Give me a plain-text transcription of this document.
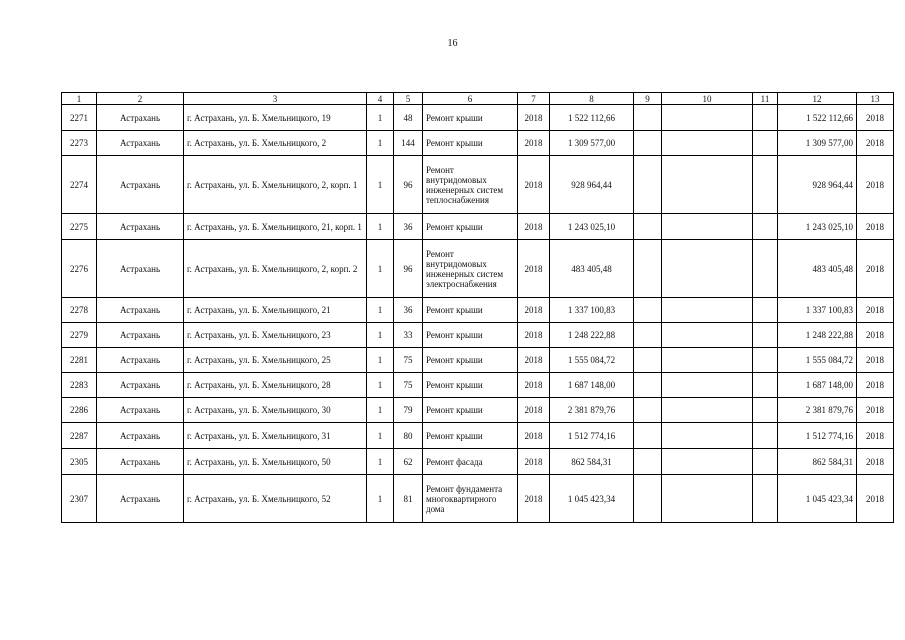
16
1	2	3	4	5	6	7	8	9	10	11	12	13
2271	Астрахань	г. Астрахань, ул. Б. Хмельницкого, 19	1	48	Ремонт крыши	2018	1 522 112,66				1 522 112,66	2018
2273	Астрахань	г. Астрахань, ул. Б. Хмельницкого, 2	1	144	Ремонт крыши	2018	1 309 577,00				1 309 577,00	2018
2274	Астрахань	г. Астрахань, ул. Б. Хмельницкого, 2, корп. 1	1	96	Ремонт внутридомовых инженерных систем теплоснабжения	2018	928 964,44				928 964,44	2018
2275	Астрахань	г. Астрахань, ул. Б. Хмельницкого, 21, корп. 1	1	36	Ремонт крыши	2018	1 243 025,10				1 243 025,10	2018
2276	Астрахань	г. Астрахань, ул. Б. Хмельницкого, 2, корп. 2	1	96	Ремонт внутридомовых инженерных систем электроснабжения	2018	483 405,48				483 405,48	2018
2278	Астрахань	г. Астрахань, ул. Б. Хмельницкого, 21	1	36	Ремонт крыши	2018	1 337 100,83				1 337 100,83	2018
2279	Астрахань	г. Астрахань, ул. Б. Хмельницкого, 23	1	33	Ремонт крыши	2018	1 248 222,88				1 248 222,88	2018
2281	Астрахань	г. Астрахань, ул. Б. Хмельницкого, 25	1	75	Ремонт крыши	2018	1 555 084,72				1 555 084,72	2018
2283	Астрахань	г. Астрахань, ул. Б. Хмельницкого, 28	1	75	Ремонт крыши	2018	1 687 148,00				1 687 148,00	2018
2286	Астрахань	г. Астрахань, ул. Б. Хмельницкого, 30	1	79	Ремонт крыши	2018	2 381 879,76				2 381 879,76	2018
2287	Астрахань	г. Астрахань, ул. Б. Хмельницкого, 31	1	80	Ремонт крыши	2018	1 512 774,16				1 512 774,16	2018
2305	Астрахань	г. Астрахань, ул. Б. Хмельницкого, 50	1	62	Ремонт фасада	2018	862 584,31				862 584,31	2018
2307	Астрахань	г. Астрахань, ул. Б. Хмельницкого, 52	1	81	Ремонт фундамента многоквартирного дома	2018	1 045 423,34				1 045 423,34	2018
